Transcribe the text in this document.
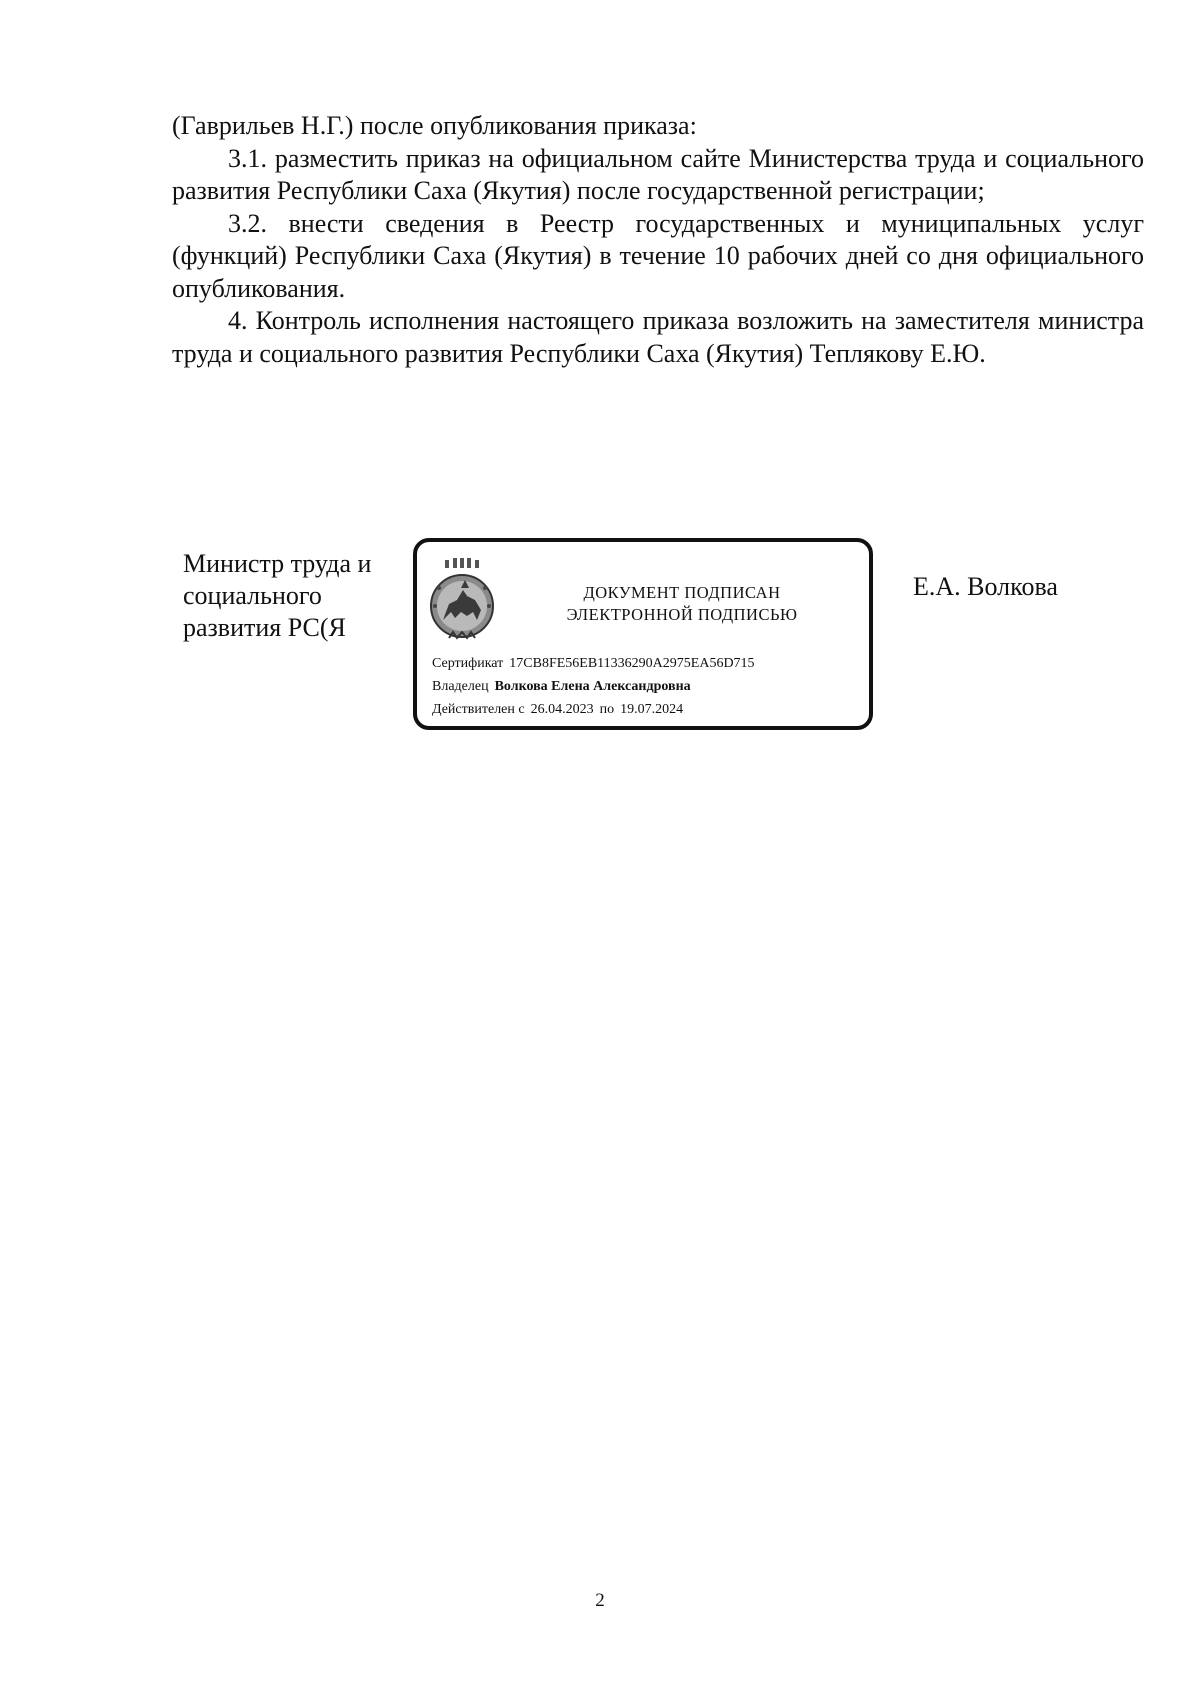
(Гаврильев Н.Г.) после опубликования приказа:

3.1. разместить приказ на официальном сайте Министерства труда и социального развития Республики Саха (Якутия) после государственной регистрации;

3.2. внести сведения в Реестр государственных и муниципальных услуг (функций) Республики Саха (Якутия) в течение 10 рабочих дней со дня официального опубликования.

4. Контроль исполнения настоящего приказа возложить на заместителя министра труда и социального развития Республики Саха (Якутия) Теплякову Е.Ю.

Министр труда и
социального
развития РС(Я
ДОКУМЕНТ ПОДПИСАН
ЭЛЕКТРОННОЙ ПОДПИСЬЮ
Сертификат 17CB8FE56EB11336290A2975EA56D715
Владелец Волкова Елена Александровна
Действителен с 26.04.2023 по 19.07.2024
Е.А. Волкова
2
